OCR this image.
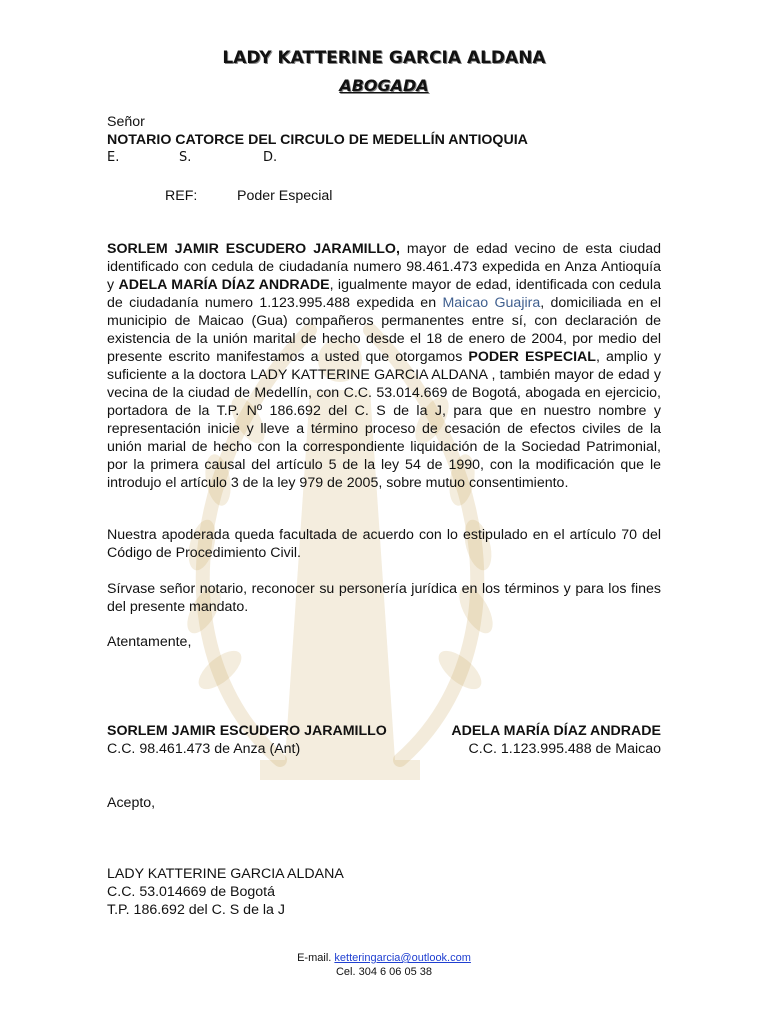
LADY KATTERINE GARCIA ALDANA
ABOGADA
Señor
NOTARIO CATORCE DEL CIRCULO DE MEDELLÍN ANTIOQUIA
E.	S.	D.
REF:	Poder Especial
SORLEM JAMIR ESCUDERO JARAMILLO, mayor de edad vecino de esta ciudad identificado con cedula de ciudadanía numero 98.461.473 expedida en Anza Antioquía y ADELA MARÍA DÍAZ ANDRADE, igualmente mayor de edad, identificada con cedula de ciudadanía numero 1.123.995.488 expedida en Maicao Guajira, domiciliada en el municipio de Maicao (Gua) compañeros permanentes entre sí, con declaración de existencia de la unión marital de hecho desde el 18 de enero de 2004, por medio del presente escrito manifestamos a usted que otorgamos PODER ESPECIAL, amplio y suficiente a la doctora LADY KATTERINE GARCIA ALDANA , también mayor de edad y vecina de la ciudad de Medellín, con C.C. 53.014.669 de Bogotá, abogada en ejercicio, portadora de la T.P. Nº 186.692 del C. S de la J, para que en nuestro nombre y representación inicie y lleve a término proceso de cesación de efectos civiles de la unión marial de hecho con la correspondiente liquidación de la Sociedad Patrimonial, por la primera causal del artículo 5 de la ley 54 de 1990, con la modificación que le introdujo el artículo 3 de la ley 979 de 2005, sobre mutuo consentimiento.
Nuestra apoderada queda facultada de acuerdo con lo estipulado en el artículo 70 del Código de Procedimiento Civil.
Sírvase señor notario, reconocer su personería jurídica en los términos y para los fines del presente mandato.
Atentamente,
SORLEM JAMIR ESCUDERO JARAMILLO	ADELA MARÍA DÍAZ ANDRADE
C.C. 98.461.473 de Anza (Ant)	C.C. 1.123.995.488 de Maicao
Acepto,
LADY KATTERINE GARCIA ALDANA
C.C. 53.014669 de Bogotá
T.P. 186.692 del C. S de la J
E-mail. ketteringarcia@outlook.com
Cel. 304 6 06 05 38
